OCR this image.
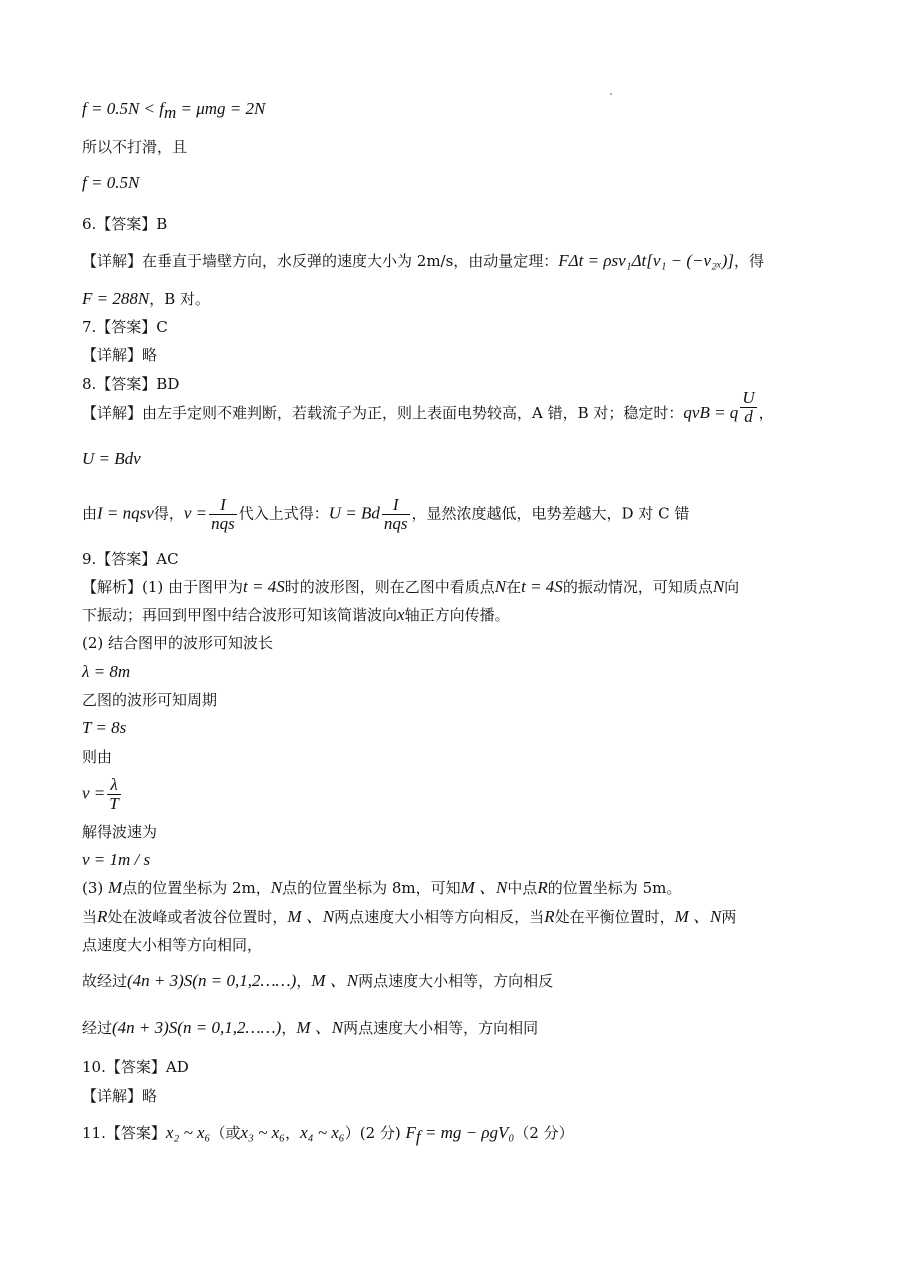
$f = 0.5N < f_m = \mu mg = 2N$
所以不打滑，且
f = 0.5N
6.【答案】B
【详解】在垂直于墙壁方向，水反弹的速度大小为 2m/s，由动量定理：FΔt = ρsv₁Δt[v₁ − (−v₂ₓ)]，得
F = 288N，B 对。
7.【答案】C
【详解】略
8.【答案】BD
【详解】由左手定则不难判断，若载流子为正，则上表面电势较高，A 错，B 对；稳定时：qvB = q $\frac{U}{d}$ ，
U = Bdv
由I = nqsv得，$v = \frac{I}{\text{nqs}}$ 代入上式得：U = Bd $\frac{I}{\text{nqs}}$ ，显然浓度越低，电势差越大，D 对 C 错
9.【答案】AC
【解析】(1) 由于图甲为t = 4S时的波形图，则在乙图中看质点N在t = 4S的振动情况，可知质点N向
下振动；再回到甲图中结合波形可知该简谐波向x轴正方向传播。
(2) 结合图甲的波形可知波长
λ = 8m
乙图的波形可知周期
T = 8s
则由
$v = \frac{\lambda}{T}$
解得波速为
v = 1m / s
(3) M点的位置坐标为 2m，N点的位置坐标为 8m，可知M 、N中点R的位置坐标为 5m。
当R处在波峰或者波谷位置时，M 、N两点速度大小相等方向相反，当R处在平衡位置时，M 、N两
点速度大小相等方向相同，
故经过(4n + 3)S(n = 0,1,2……)，M 、N两点速度大小相等，方向相反
经过(4n + 3)S(n = 0,1,2……)，M 、N两点速度大小相等，方向相同
10.【答案】AD
【详解】略
11.【答案】x₂ ~ x₆（或x₃ ~ x₆，x₄ ~ x₆）(2 分) $F_f$ = mg − ρgV₀（2 分）
